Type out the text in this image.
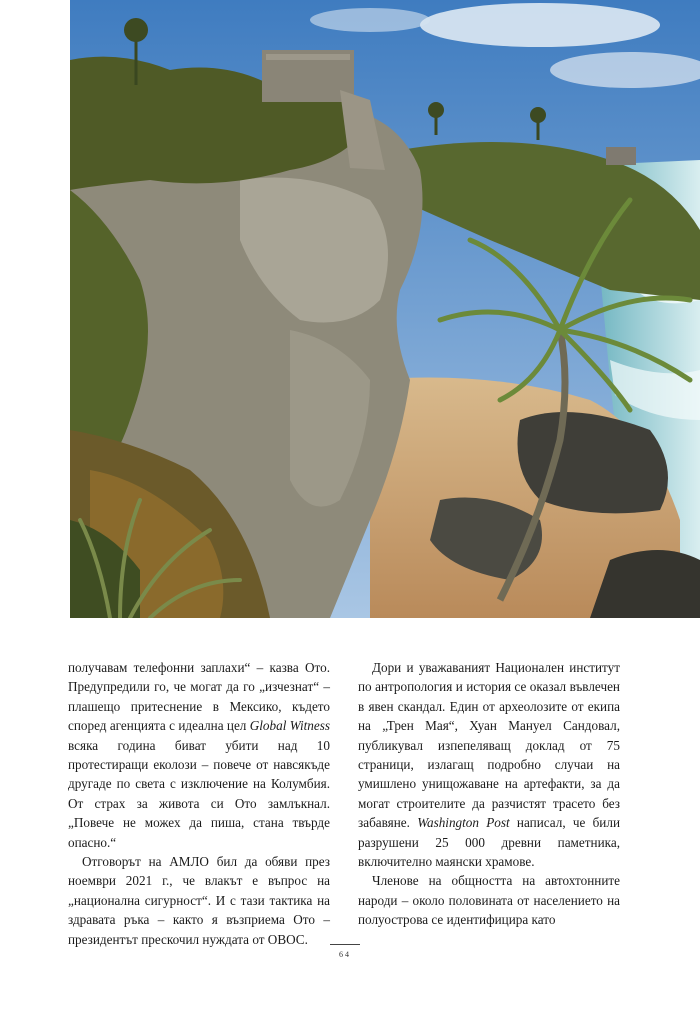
получавам телефонни заплахи“ – казва Ото. Предупредили го, че могат да го „изчезнат“ – плашещо притеснение в Мексико, където според агенцията с идеална цел Global Witness всяка година биват убити над 10 протестиращи еколози – повече от навсякъде другаде по света с изключение на Колумбия. От страх за живота си Ото замлъкнал. „Повече не можех да пиша, стана твърде опасно.“

Отговорът на АМЛО бил да обяви през ноември 2021 г., че влакът е въпрос на „национална сигурност“. И с тази тактика на здравата ръка – както я възприема Ото – президентът прескочил нуждата от ОВОС.

Дори и уважаваният Национален институт по антропология и история се оказал въвлечен в явен скандал. Един от археолозите от екипа на „Трен Мая“, Хуан Мануел Сандовал, публикувал изпепеляващ доклад от 75 страници, излагащ подробно случаи на умишлено унищожаване на артефакти, за да могат строителите да разчистят трасето без забавяне. Washington Post написал, че били разрушени 25 000 древни паметника, включително маянски храмове.

Членове на общността на автохтонните народи – около половината от населението на полуострова се идентифицира като

64
